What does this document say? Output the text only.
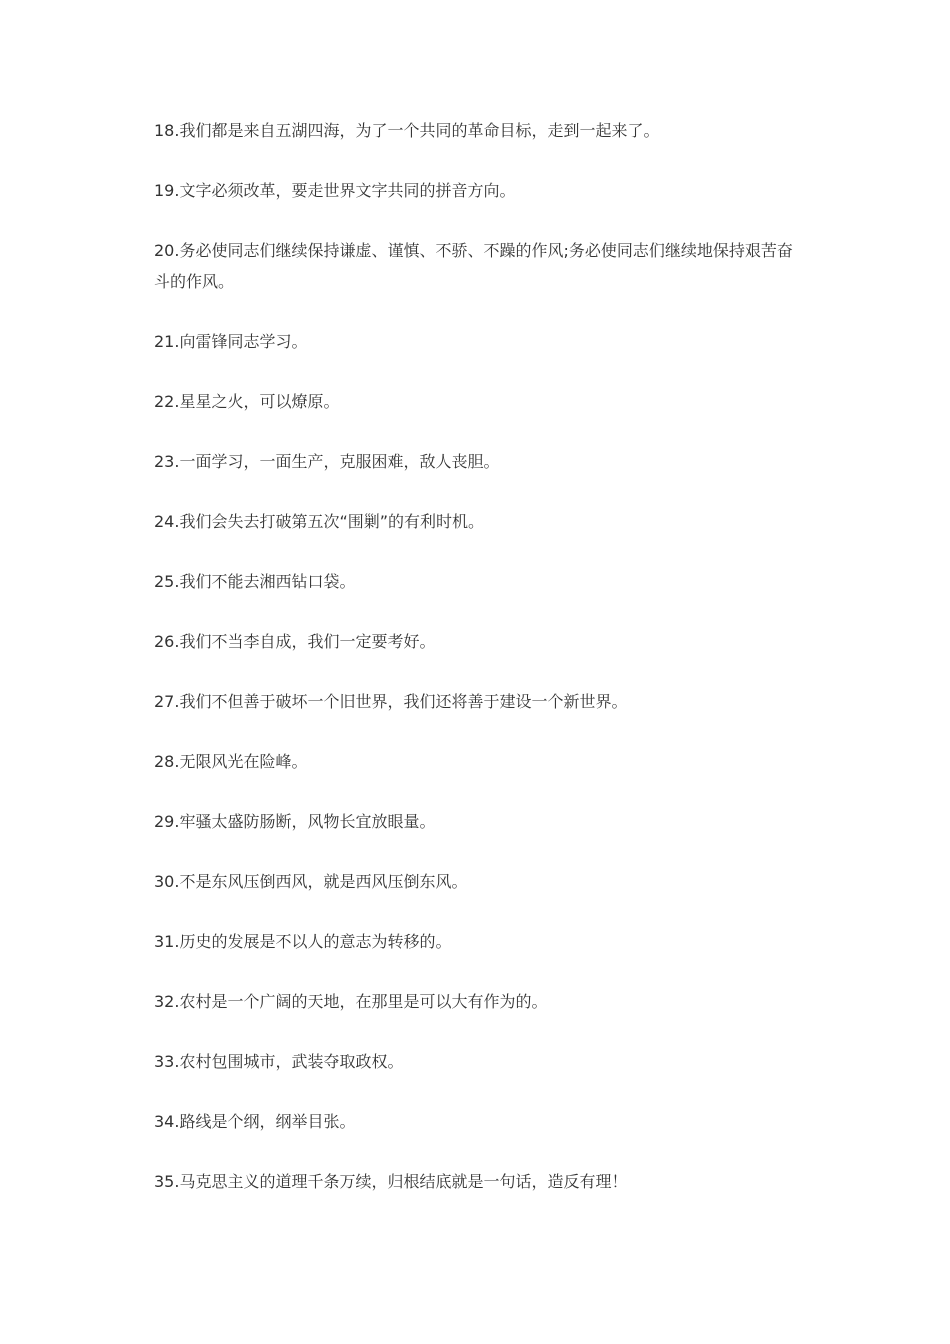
18.我们都是来自五湖四海，为了一个共同的革命目标，走到一起来了。
19.文字必须改革，要走世界文字共同的拼音方向。
20.务必使同志们继续保持谦虚、谨慎、不骄、不躁的作风;务必使同志们继续地保持艰苦奋斗的作风。
21.向雷锋同志学习。
22.星星之火，可以燎原。
23.一面学习，一面生产，克服困难，敌人丧胆。
24.我们会失去打破第五次“围剿”的有利时机。
25.我们不能去湘西钻口袋。
26.我们不当李自成，我们一定要考好。
27.我们不但善于破坏一个旧世界，我们还将善于建设一个新世界。
28.无限风光在险峰。
29.牢骚太盛防肠断，风物长宜放眼量。
30.不是东风压倒西风，就是西风压倒东风。
31.历史的发展是不以人的意志为转移的。
32.农村是一个广阔的天地，在那里是可以大有作为的。
33.农村包围城市，武装夺取政权。
34.路线是个纲，纲举目张。
35.马克思主义的道理千条万续，归根结底就是一句话，造反有理！
